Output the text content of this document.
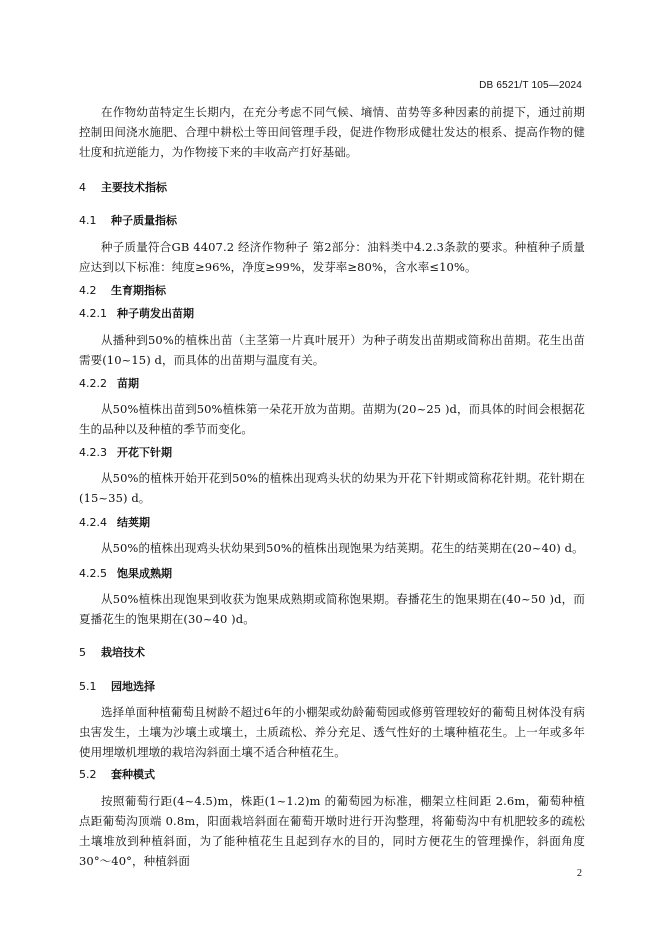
DB 6521/T 105—2024

在作物幼苗特定生长期内，在充分考虑不同气候、墒情、苗势等多种因素的前提下，通过前期控制田间浇水施肥、合理中耕松土等田间管理手段，促进作物形成健壮发达的根系、提高作物的健壮度和抗逆能力，为作物接下来的丰收高产打好基础。

4 主要技术指标
4.1 种子质量指标

种子质量符合GB 4407.2 经济作物种子 第2部分：油料类中4.2.3条款的要求。种植种子质量应达到以下标准：纯度≥96%，净度≥99%，发芽率≥80%，含水率≤10%。

4.2 生育期指标
4.2.1 种子萌发出苗期

从播种到50%的植株出苗（主茎第一片真叶展开）为种子萌发出苗期或简称出苗期。花生出苗需要(10~15) d，而具体的出苗期与温度有关。

4.2.2 苗期

从50%植株出苗到50%植株第一朵花开放为苗期。苗期为(20~25 )d，而具体的时间会根据花生的品种以及种植的季节而变化。

4.2.3 开花下针期

从50%的植株开始开花到50%的植株出现鸡头状的幼果为开花下针期或简称花针期。花针期在(15~35) d。

4.2.4 结荚期

从50%的植株出现鸡头状幼果到50%的植株出现饱果为结荚期。花生的结荚期在(20~40) d。

4.2.5 饱果成熟期

从50%植株出现饱果到收获为饱果成熟期或简称饱果期。春播花生的饱果期在(40~50 )d，而夏播花生的饱果期在(30~40 )d。

5 栽培技术
5.1 园地选择

选择单面种植葡萄且树龄不超过6年的小棚架或幼龄葡萄园或修剪管理较好的葡萄且树体没有病虫害发生，土壤为沙壤土或壤土，土质疏松、养分充足、透气性好的土壤种植花生。上一年或多年使用埋墩机埋墩的栽培沟斜面土壤不适合种植花生。

5.2 套种模式

按照葡萄行距(4~4.5)m，株距(1~1.2)m 的葡萄园为标准，棚架立柱间距 2.6m，葡萄种植点距葡萄沟顶端 0.8m，阳面栽培斜面在葡萄开墩时进行开沟整理，将葡萄沟中有机肥较多的疏松土壤堆放到种植斜面，为了能种植花生且起到存水的目的，同时方便花生的管理操作，斜面角度 30°～40°，种植斜面

2
